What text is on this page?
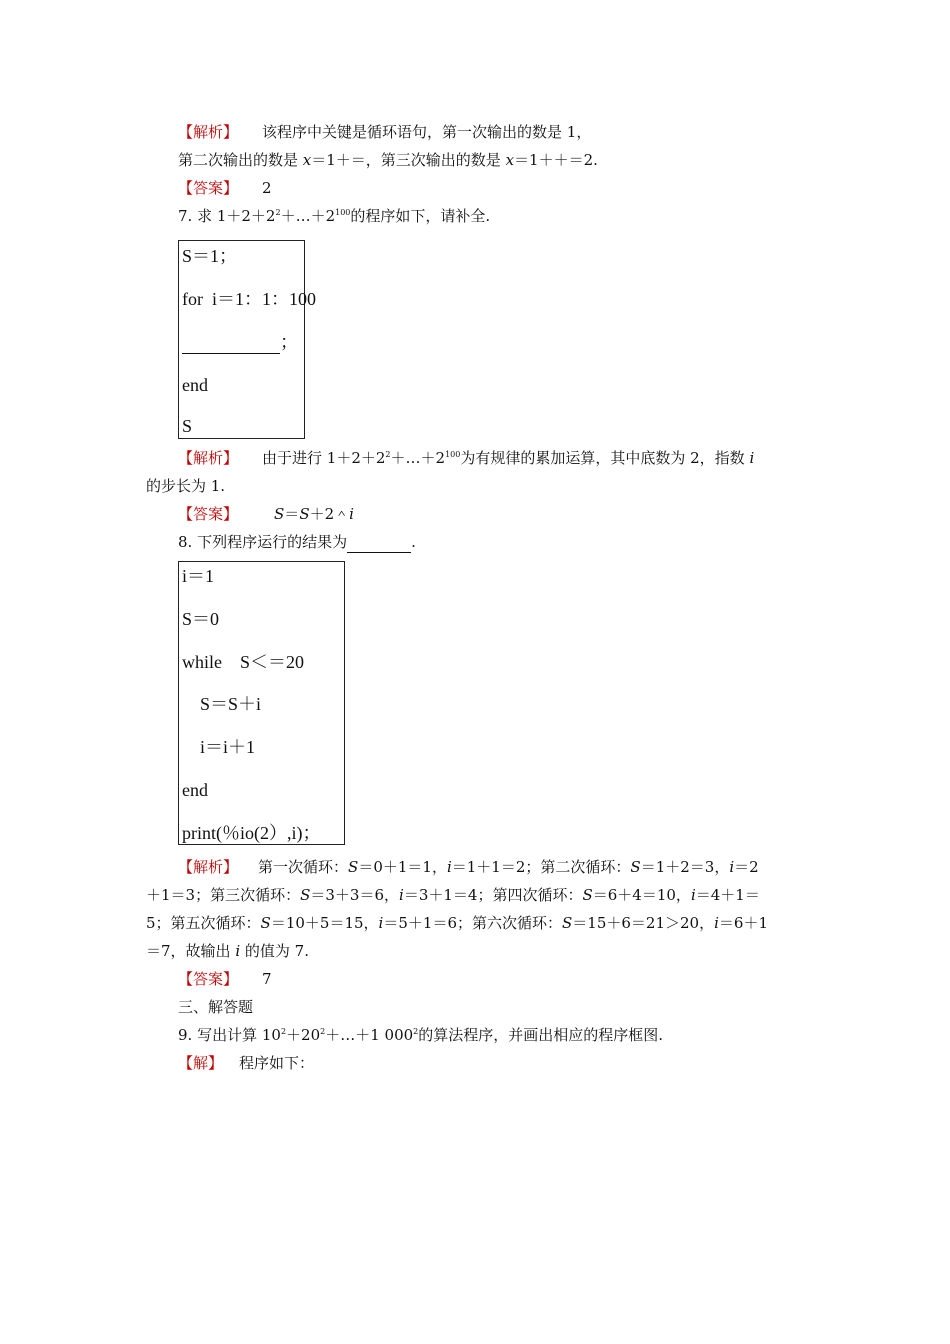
【解析】 该程序中关键是循环语句，第一次输出的数是 1，
第二次输出的数是 x＝1＋＝，第三次输出的数是 x＝1＋＋＝2.
【答案】 2
7. 求 $1+2+2^2+\dots+2^{100}$的程序如下，请补全.
S＝1；
for  i＝1：1：100
；
end
S
【解析】 由于进行 $1+2+2^2+\dots+2^{100}$为有规律的累加运算，其中底数为 2，指数 i
的步长为 1.
【答案】 S＝S＋2＾i
8. 下列程序运行的结果为	.
i＝1
S＝0
while    S＜＝20
S＝S＋i
i＝i＋1
end
print(％io(2）,i)；
【解析】 第一次循环：S＝0＋1＝1，i＝1＋1＝2；第二次循环：S＝1＋2＝3，i＝2
＋1＝3；第三次循环：S＝3＋3＝6，i＝3＋1＝4；第四次循环：S＝6＋4＝10，i＝4＋1＝
5；第五次循环：S＝10＋5＝15，i＝5＋1＝6；第六次循环：S＝15＋6＝21＞20，i＝6＋1
＝7，故输出 i 的值为 7.
【答案】 7
三、解答题
9. 写出计算 $10^2+20^2+\dots+1$ $000^2$的算法程序，并画出相应的程序框图.
【解】 程序如下：
